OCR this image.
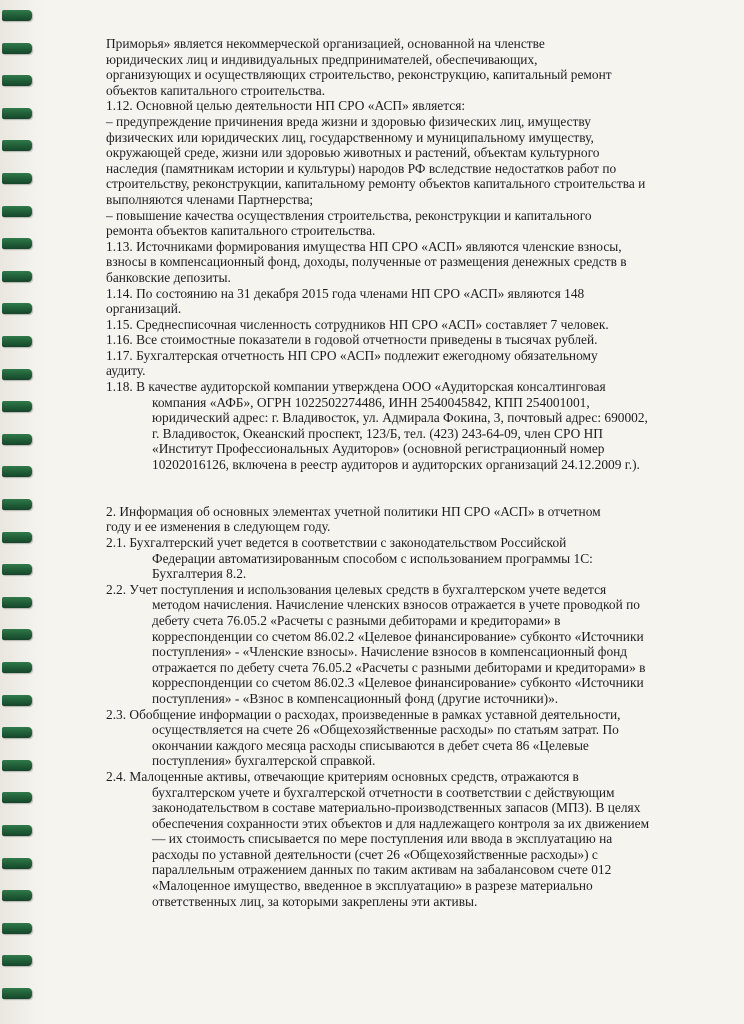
Приморья» является некоммерческой организацией, основанной на членстве
юридических лиц и индивидуальных предпринимателей, обеспечивающих,
организующих и осуществляющих строительство, реконструкцию, капитальный ремонт
объектов капитального строительства.
1.12. Основной целью деятельности НП СРО «АСП» является:
– предупреждение причинения вреда жизни и здоровью физических лиц, имуществу
физических или юридических лиц, государственному и муниципальному имуществу,
окружающей среде, жизни или здоровью животных и растений, объектам культурного
наследия (памятникам истории и культуры) народов РФ вследствие недостатков работ по
строительству, реконструкции, капитальному ремонту объектов капитального строительства и
выполняются членами Партнерства;
– повышение качества осуществления строительства, реконструкции и капитального
ремонта объектов капитального строительства.
1.13. Источниками формирования имущества НП СРО «АСП» являются членские взносы,
взносы в компенсационный фонд, доходы, полученные от размещения денежных средств в
банковские депозиты.
1.14. По состоянию на 31 декабря 2015 года членами НП СРО «АСП» являются 148
организаций.
1.15. Среднесписочная численность сотрудников НП СРО «АСП» составляет 7 человек.
1.16. Все стоимостные показатели в годовой отчетности приведены в тысячах рублей.
1.17. Бухгалтерская отчетность НП СРО «АСП» подлежит ежегодному обязательному
аудиту.
1.18. В качестве аудиторской компании утверждена ООО «Аудиторская консалтинговая
компания «АФБ», ОГРН 1022502274486, ИНН 2540045842, КПП 254001001,
юридический адрес: г. Владивосток, ул. Адмирала Фокина, 3, почтовый адрес: 690002,
г. Владивосток, Океанский проспект, 123/Б, тел. (423) 243-64-09, член СРО НП
«Институт Профессиональных Аудиторов» (основной регистрационный номер
10202016126, включена в реестр аудиторов и аудиторских организаций 24.12.2009 г.).
2. Информация об основных элементах учетной политики НП СРО «АСП» в отчетном
году и ее изменения в следующем году.
2.1. Бухгалтерский учет ведется в соответствии с законодательством Российской
Федерации автоматизированным способом с использованием программы 1С:
Бухгалтерия 8.2.
2.2. Учет поступления и использования целевых средств в бухгалтерском учете ведется
методом начисления. Начисление членских взносов отражается в учете проводкой по
дебету счета 76.05.2 «Расчеты с разными дебиторами и кредиторами» в
корреспонденции со счетом 86.02.2 «Целевое финансирование» субконто «Источники
поступления» - «Членские взносы». Начисление взносов в компенсационный фонд
отражается по дебету счета 76.05.2 «Расчеты с разными дебиторами и кредиторами» в
корреспонденции со счетом 86.02.3 «Целевое финансирование» субконто «Источники
поступления» - «Взнос в компенсационный фонд (другие источники)».
2.3. Обобщение информации о расходах, произведенные в рамках уставной деятельности,
осуществляется на счете 26 «Общехозяйственные расходы» по статьям затрат. По
окончании каждого месяца расходы списываются в дебет счета 86 «Целевые
поступления» бухгалтерской справкой.
2.4. Малоценные активы, отвечающие критериям основных средств, отражаются в
бухгалтерском учете и бухгалтерской отчетности в соответствии с действующим
законодательством в составе материально-производственных запасов (МПЗ). В целях
обеспечения сохранности этих объектов и для надлежащего контроля за их движением
— их стоимость списывается по мере поступления или ввода в эксплуатацию на
расходы по уставной деятельности (счет 26 «Общехозяйственные расходы») с
параллельным отражением данных по таким активам на забалансовом счете 012
«Малоценное имущество, введенное в эксплуатацию» в разрезе материально
ответственных лиц, за которыми закреплены эти активы.
